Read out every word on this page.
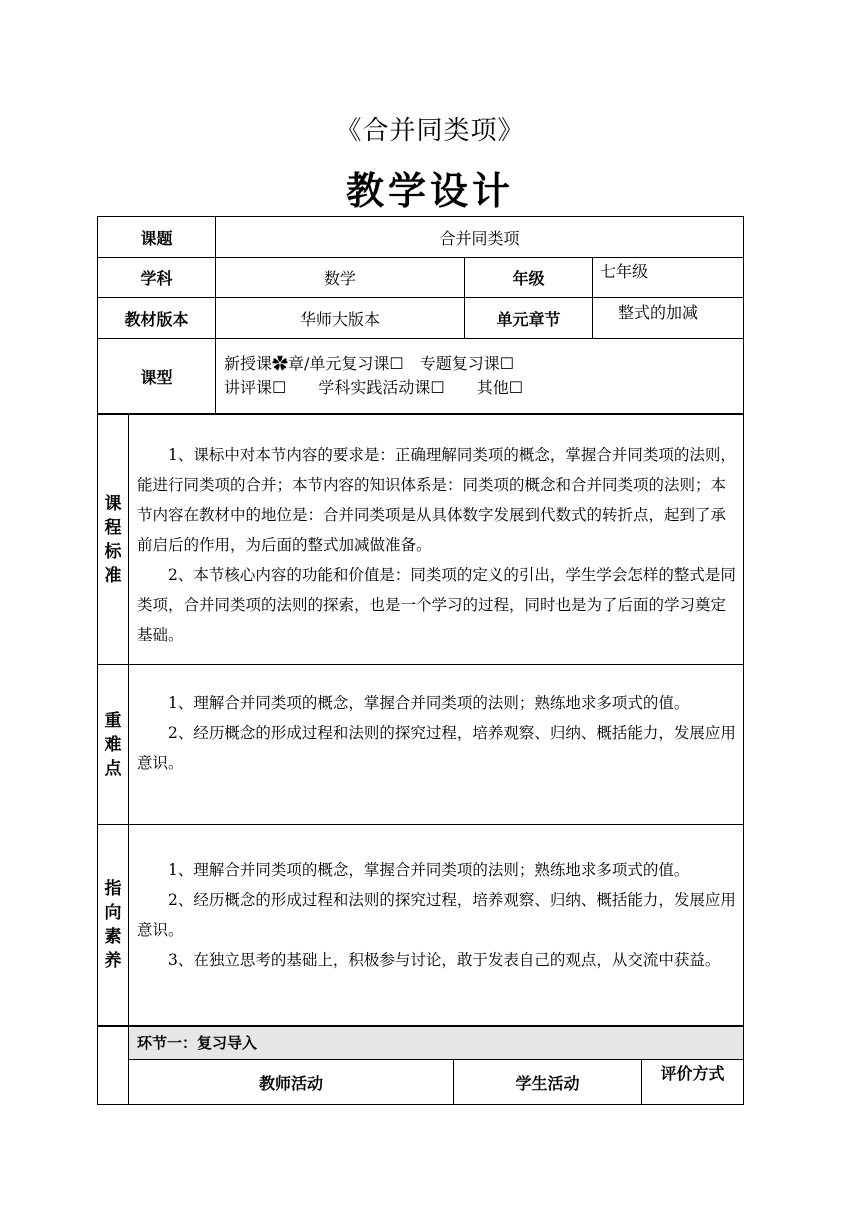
《合并同类项》
教学设计
课题	合并同类项
学科	数学	年级	七年级
教材版本	华师大版本	单元章节	整式的加减
课型
新授课✿章/单元复习课☐　专题复习课☐
讲评课☐　　学科实践活动课☐　　其他☐
课
程
标
准

1、课标中对本节内容的要求是：正确理解同类项的概念，掌握合并同类项的法则，能进行同类项的合并；本节内容的知识体系是：同类项的概念和合并同类项的法则；本节内容在教材中的地位是：合并同类项是从具体数字发展到代数式的转折点，起到了承前启后的作用，为后面的整式加减做准备。

2、本节核心内容的功能和价值是：同类项的定义的引出，学生学会怎样的整式是同类项，合并同类项的法则的探索，也是一个学习的过程，同时也是为了后面的学习奠定基础。

重
难
点

1、理解合并同类项的概念，掌握合并同类项的法则；熟练地求多项式的值。

2、经历概念的形成过程和法则的探究过程，培养观察、归纳、概括能力，发展应用意识。

指
向
素
养

1、理解合并同类项的概念，掌握合并同类项的法则；熟练地求多项式的值。

2、经历概念的形成过程和法则的探究过程，培养观察、归纳、概括能力，发展应用意识。

3、在独立思考的基础上，积极参与讨论，敢于发表自己的观点，从交流中获益。

环节一：复习导入
教师活动	学生活动	评价方式
